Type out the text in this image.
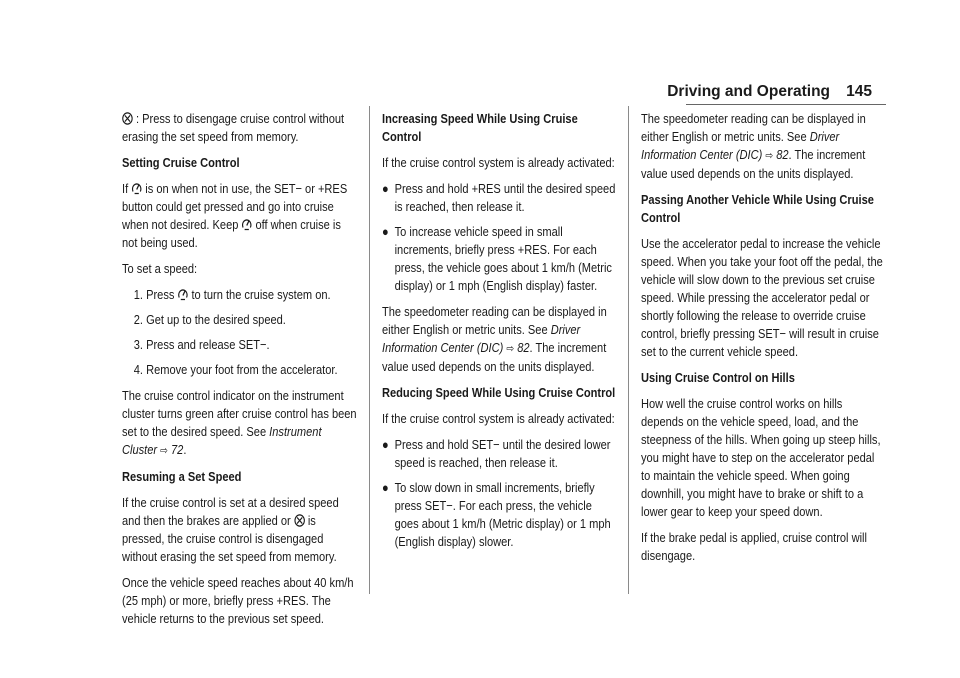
Driving and Operating 145

: Press to disengage cruise control without erasing the set speed from memory.

Setting Cruise Control

If  is on when not in use, the SET− or +RES button could get pressed and go into cruise when not desired. Keep  off when cruise is not being used.

To set a speed:

1. Press  to turn the cruise system on.
2. Get up to the desired speed.
3. Press and release SET−.
4. Remove your foot from the accelerator.

The cruise control indicator on the instrument cluster turns green after cruise control has been set to the desired speed. See Instrument Cluster ⇨ 72.

Resuming a Set Speed

If the cruise control is set at a desired speed and then the brakes are applied or  is pressed, the cruise control is disengaged without erasing the set speed from memory.

Once the vehicle speed reaches about 40 km/h (25 mph) or more, briefly press +RES. The vehicle returns to the previous set speed.

Increasing Speed While Using Cruise Control

If the cruise control system is already activated:

● Press and hold +RES until the desired speed is reached, then release it.
● To increase vehicle speed in small increments, briefly press +RES. For each press, the vehicle goes about 1 km/h (Metric display) or 1 mph (English display) faster.

The speedometer reading can be displayed in either English or metric units. See Driver Information Center (DIC) ⇨ 82. The increment value used depends on the units displayed.

Reducing Speed While Using Cruise Control

If the cruise control system is already activated:

● Press and hold SET− until the desired lower speed is reached, then release it.
● To slow down in small increments, briefly press SET−. For each press, the vehicle goes about 1 km/h (Metric display) or 1 mph (English display) slower.

The speedometer reading can be displayed in either English or metric units. See Driver Information Center (DIC) ⇨ 82. The increment value used depends on the units displayed.

Passing Another Vehicle While Using Cruise Control

Use the accelerator pedal to increase the vehicle speed. When you take your foot off the pedal, the vehicle will slow down to the previous set cruise speed. While pressing the accelerator pedal or shortly following the release to override cruise control, briefly pressing SET− will result in cruise set to the current vehicle speed.

Using Cruise Control on Hills

How well the cruise control works on hills depends on the vehicle speed, load, and the steepness of the hills. When going up steep hills, you might have to step on the accelerator pedal to maintain the vehicle speed. When going downhill, you might have to brake or shift to a lower gear to keep your speed down.

If the brake pedal is applied, cruise control will disengage.
